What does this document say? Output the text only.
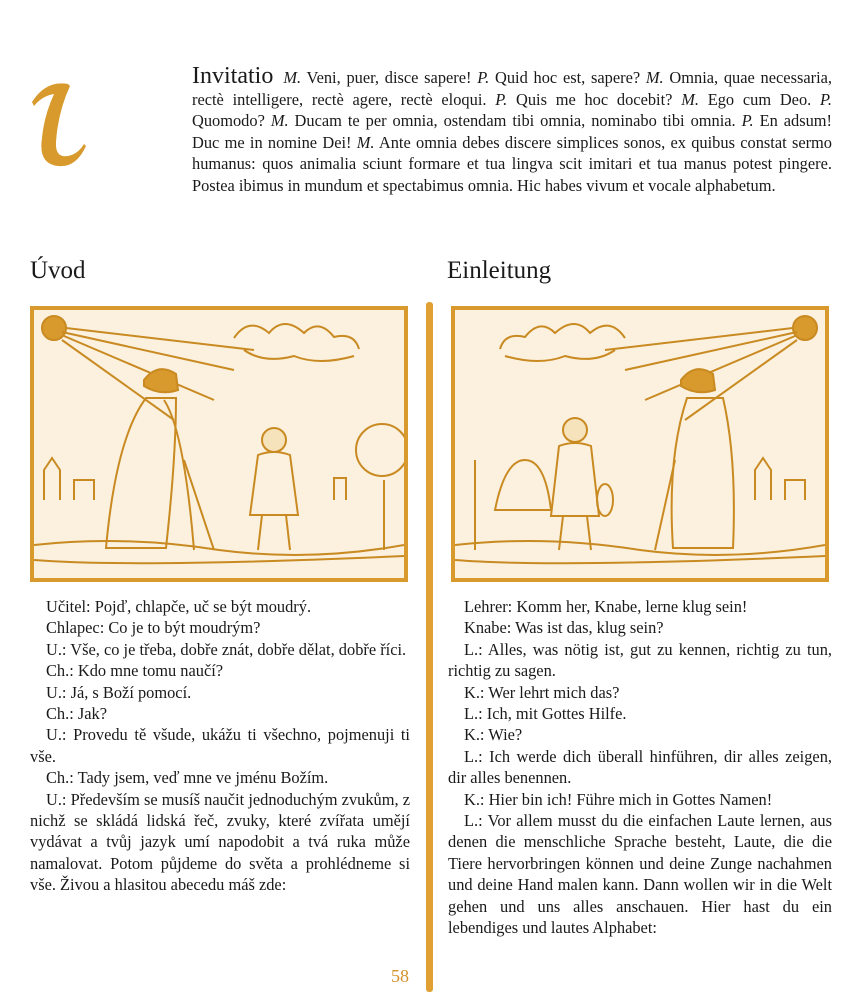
Invitatio M. Veni, puer, disce sapere! P. Quid hoc est, sapere? M. Omnia, quae necessaria, rectè intelligere, rectè agere, rectè eloqui. P. Quis me hoc docebit? M. Ego cum Deo. P. Quomodo? M. Ducam te per omnia, ostendam tibi omnia, nominabo tibi omnia. P. En adsum! Duc me in nomine Dei! M. Ante omnia debes discere simplices sonos, ex quibus constat sermo humanus: quos animalia sciunt formare et tua lingva scit imitari et tua manus potest pingere. Postea ibimus in mundum et spectabimus omnia. Hic habes vivum et vocale alphabetum.
Úvod	Einleitung

Učitel: Pojď, chlapče, uč se být moudrý.

Chlapec: Co je to být moudrým?

U.: Vše, co je třeba, dobře znát, dobře dělat, dobře říci.

Ch.: Kdo mne tomu naučí?

U.: Já, s Boží pomocí.

Ch.: Jak?

U.: Provedu tě všude, ukážu ti všechno, pojmenuji ti vše.

Ch.: Tady jsem, veď mne ve jménu Božím.

U.: Především se musíš naučit jednoduchým zvukům, z nichž se skládá lidská řeč, zvuky, které zvířata umějí vydávat a tvůj jazyk umí napodobit a tvá ruka může namalovat. Potom půjdeme do světa a prohlédneme si vše. Živou a hlasitou abecedu máš zde:

Lehrer: Komm her, Knabe, lerne klug sein!

Knabe: Was ist das, klug sein?

L.: Alles, was nötig ist, gut zu kennen, richtig zu tun, richtig zu sagen.

K.: Wer lehrt mich das?

L.: Ich, mit Gottes Hilfe.

K.: Wie?

L.: Ich werde dich überall hinführen, dir alles zeigen, dir alles benennen.

K.: Hier bin ich! Führe mich in Gottes Namen!

L.: Vor allem musst du die einfachen Laute lernen, aus denen die menschliche Sprache besteht, Laute, die die Tiere hervorbringen können und deine Zunge nachahmen und deine Hand malen kann. Dann wollen wir in die Welt gehen und uns alles anschauen. Hier hast du ein lebendiges und lautes Alphabet:

58
